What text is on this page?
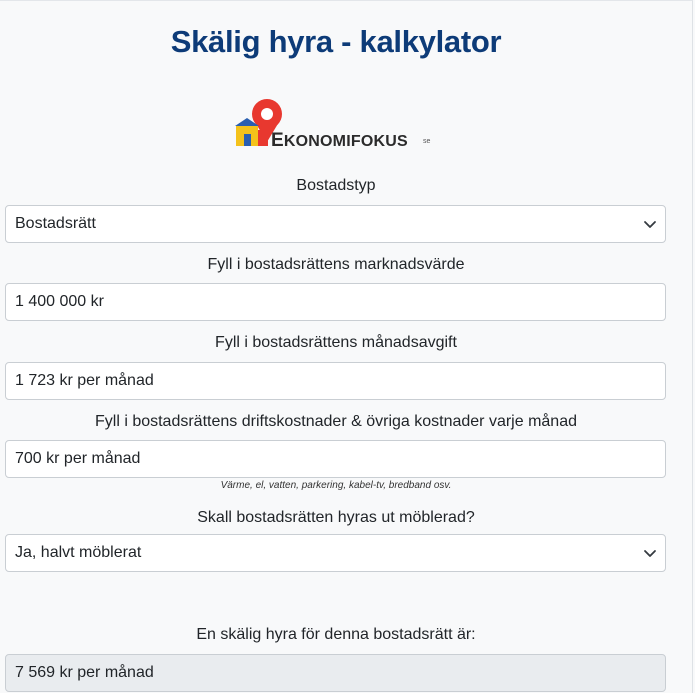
Skälig hyra - kalkylator
EKONOMIFOKUS se
Bostadstyp
Bostadsrätt
Fyll i bostadsrättens marknadsvärde
1 400 000 kr
Fyll i bostadsrättens månadsavgift
1 723 kr per månad
Fyll i bostadsrättens driftskostnader & övriga kostnader varje månad
700 kr per månad
Värme, el, vatten, parkering, kabel-tv, bredband osv.
Skall bostadsrätten hyras ut möblerad?
Ja, halvt möblerat
En skälig hyra för denna bostadsrätt är:
7 569 kr per månad
